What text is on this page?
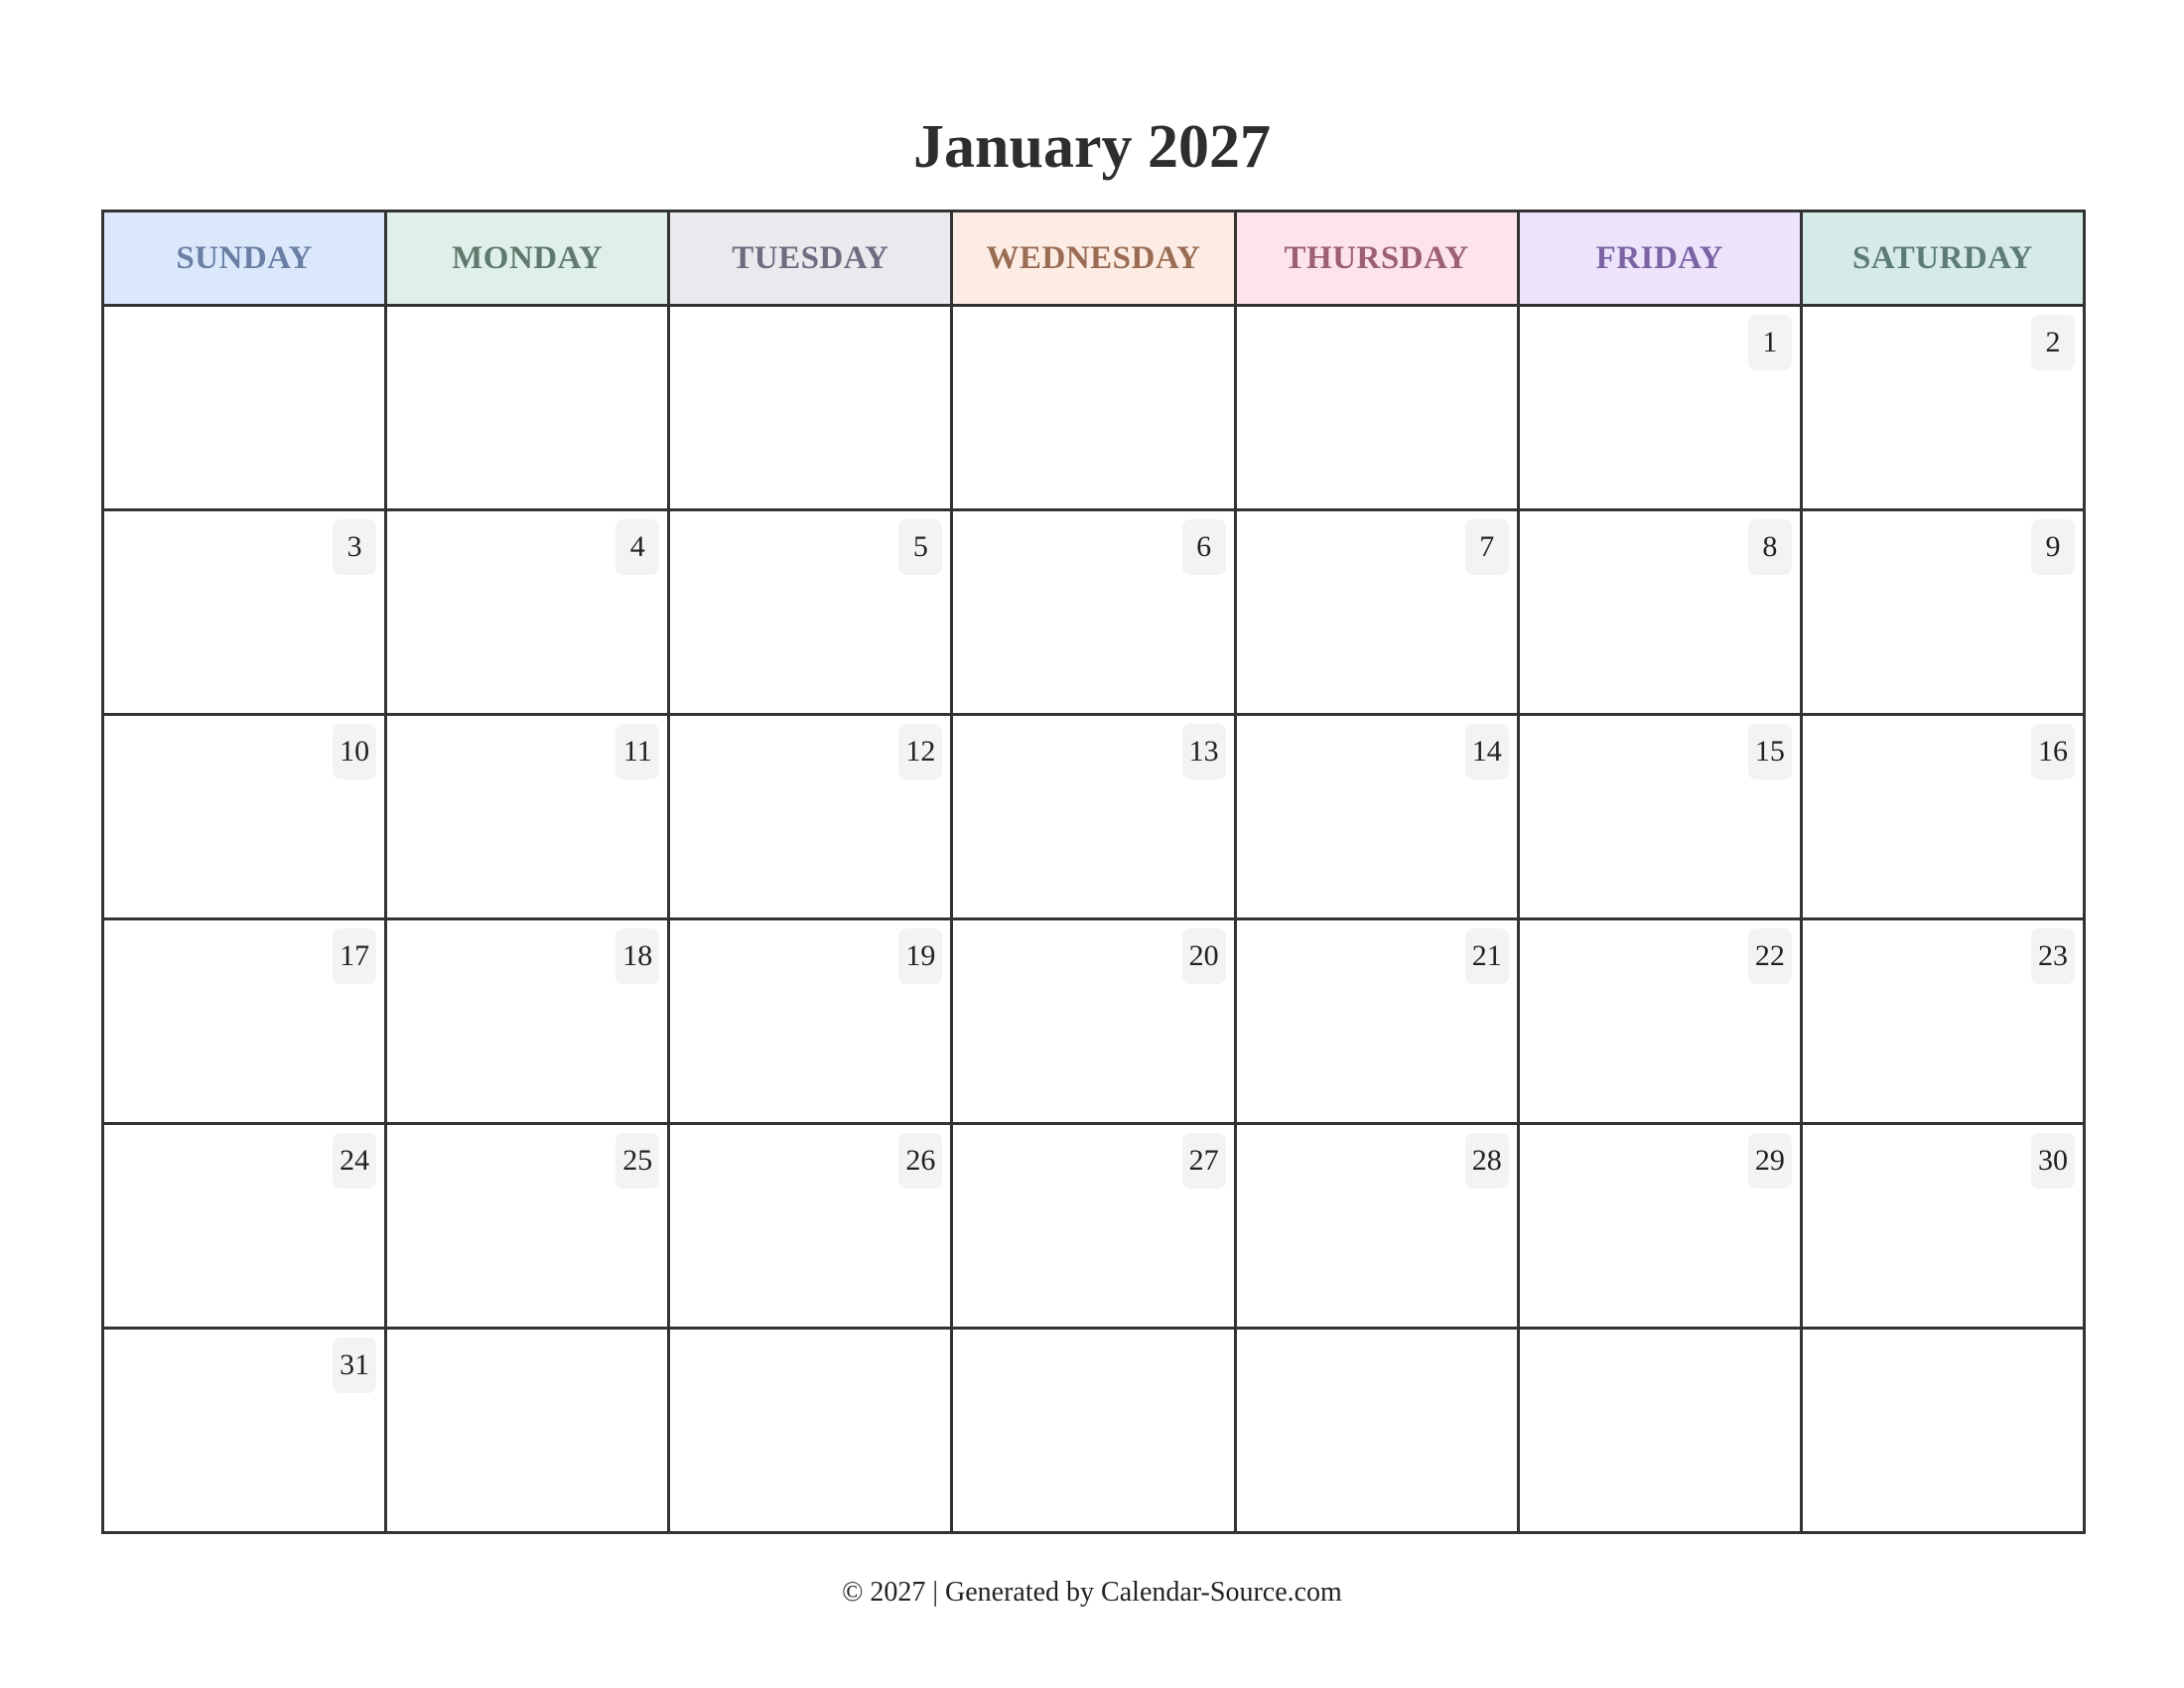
January 2027
SUNDAY	MONDAY	TUESDAY	WEDNESDAY	THURSDAY	FRIDAY	SATURDAY
					1	2
3	4	5	6	7	8	9
10	11	12	13	14	15	16
17	18	19	20	21	22	23
24	25	26	27	28	29	30
31						
© 2027 | Generated by Calendar-Source.com
